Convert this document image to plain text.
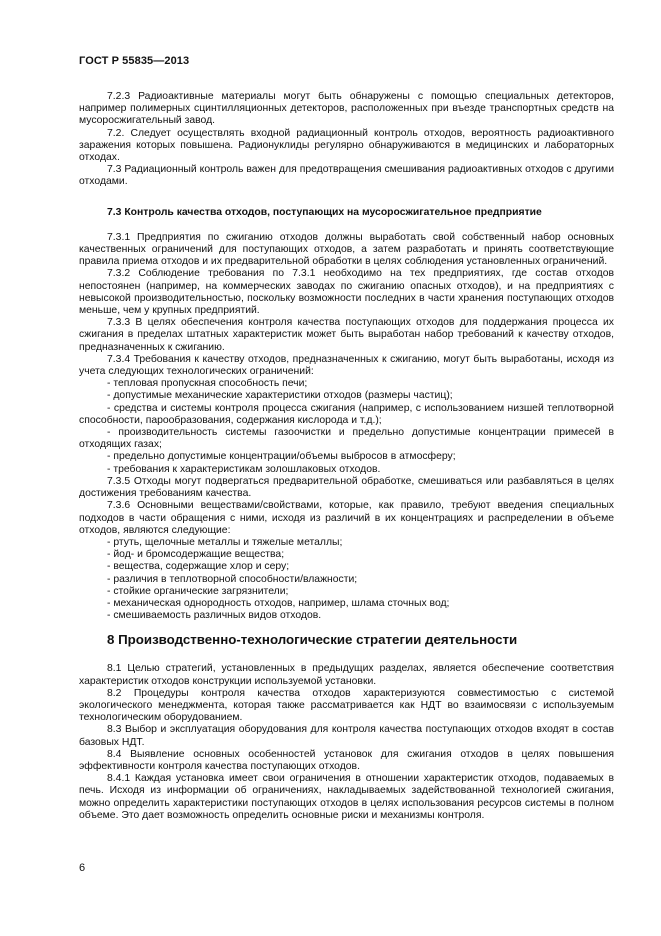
ГОСТ Р 55835—2013

7.2.3 Радиоактивные материалы могут быть обнаружены с помощью специальных детекторов, например полимерных сцинтилляционных детекторов, расположенных при въезде транспортных средств на мусоросжигательный завод.

7.2. Следует осуществлять входной радиационный контроль отходов, вероятность радиоактивного заражения которых повышена. Радионуклиды регулярно обнаруживаются в медицинских и лабораторных отходах.

7.3 Радиационный контроль важен для предотвращения смешивания радиоактивных отходов с другими отходами.

7.3 Контроль качества отходов, поступающих на мусоросжигательное предприятие

7.3.1 Предприятия по сжиганию отходов должны выработать свой собственный набор основных качественных ограничений для поступающих отходов, а затем разработать и принять соответствующие правила приема отходов и их предварительной обработки в целях соблюдения установленных ограничений.

7.3.2 Соблюдение требования по 7.3.1 необходимо на тех предприятиях, где состав отходов непостоянен (например, на коммерческих заводах по сжиганию опасных отходов), и на предприятиях с невысокой производительностью, поскольку возможности последних в части хранения поступающих отходов меньше, чем у крупных предприятий.

7.3.3 В целях обеспечения контроля качества поступающих отходов для поддержания процесса их сжигания в пределах штатных характеристик может быть выработан набор требований к качеству отходов, предназначенных к сжиганию.

7.3.4 Требования к качеству отходов, предназначенных к сжиганию, могут быть выработаны, исходя из учета следующих технологических ограничений:

- тепловая пропускная способность печи;

- допустимые механические характеристики отходов (размеры частиц);

- средства и системы контроля процесса сжигания (например, с использованием низшей теплотворной способности, парообразования, содержания кислорода и т.д.);

- производительность системы газоочистки и предельно допустимые концентрации примесей в отходящих газах;

- предельно допустимые концентрации/объемы выбросов в атмосферу;

- требования к характеристикам золошлаковых отходов.

7.3.5 Отходы могут подвергаться предварительной обработке, смешиваться или разбавляться в целях достижения требованиям качества.

7.3.6 Основными веществами/свойствами, которые, как правило, требуют введения специальных подходов в части обращения с ними, исходя из различий в их концентрациях и распределении в объеме отходов, являются следующие:

- ртуть, щелочные металлы и тяжелые металлы;

- йод- и бромсодержащие вещества;

- вещества, содержащие хлор и серу;

- различия в теплотворной способности/влажности;

- стойкие органические загрязнители;

- механическая однородность отходов, например, шлама сточных вод;

- смешиваемость различных видов отходов.

8 Производственно-технологические стратегии деятельности

8.1 Целью стратегий, установленных в предыдущих разделах, является обеспечение соответствия характеристик отходов конструкции используемой установки.

8.2 Процедуры контроля качества отходов характеризуются совместимостью с системой экологического менеджмента, которая также рассматривается как НДТ во взаимосвязи с используемым технологическим оборудованием.

8.3 Выбор и эксплуатация оборудования для контроля качества поступающих отходов входят в состав базовых НДТ.

8.4 Выявление основных особенностей установок для сжигания отходов в целях повышения эффективности контроля качества поступающих отходов.

8.4.1 Каждая установка имеет свои ограничения в отношении характеристик отходов, подаваемых в печь. Исходя из информации об ограничениях, накладываемых задействованной технологией сжигания, можно определить характеристики поступающих отходов в целях использования ресурсов системы в полном объеме. Это дает возможность определить основные риски и механизмы контроля.

6
